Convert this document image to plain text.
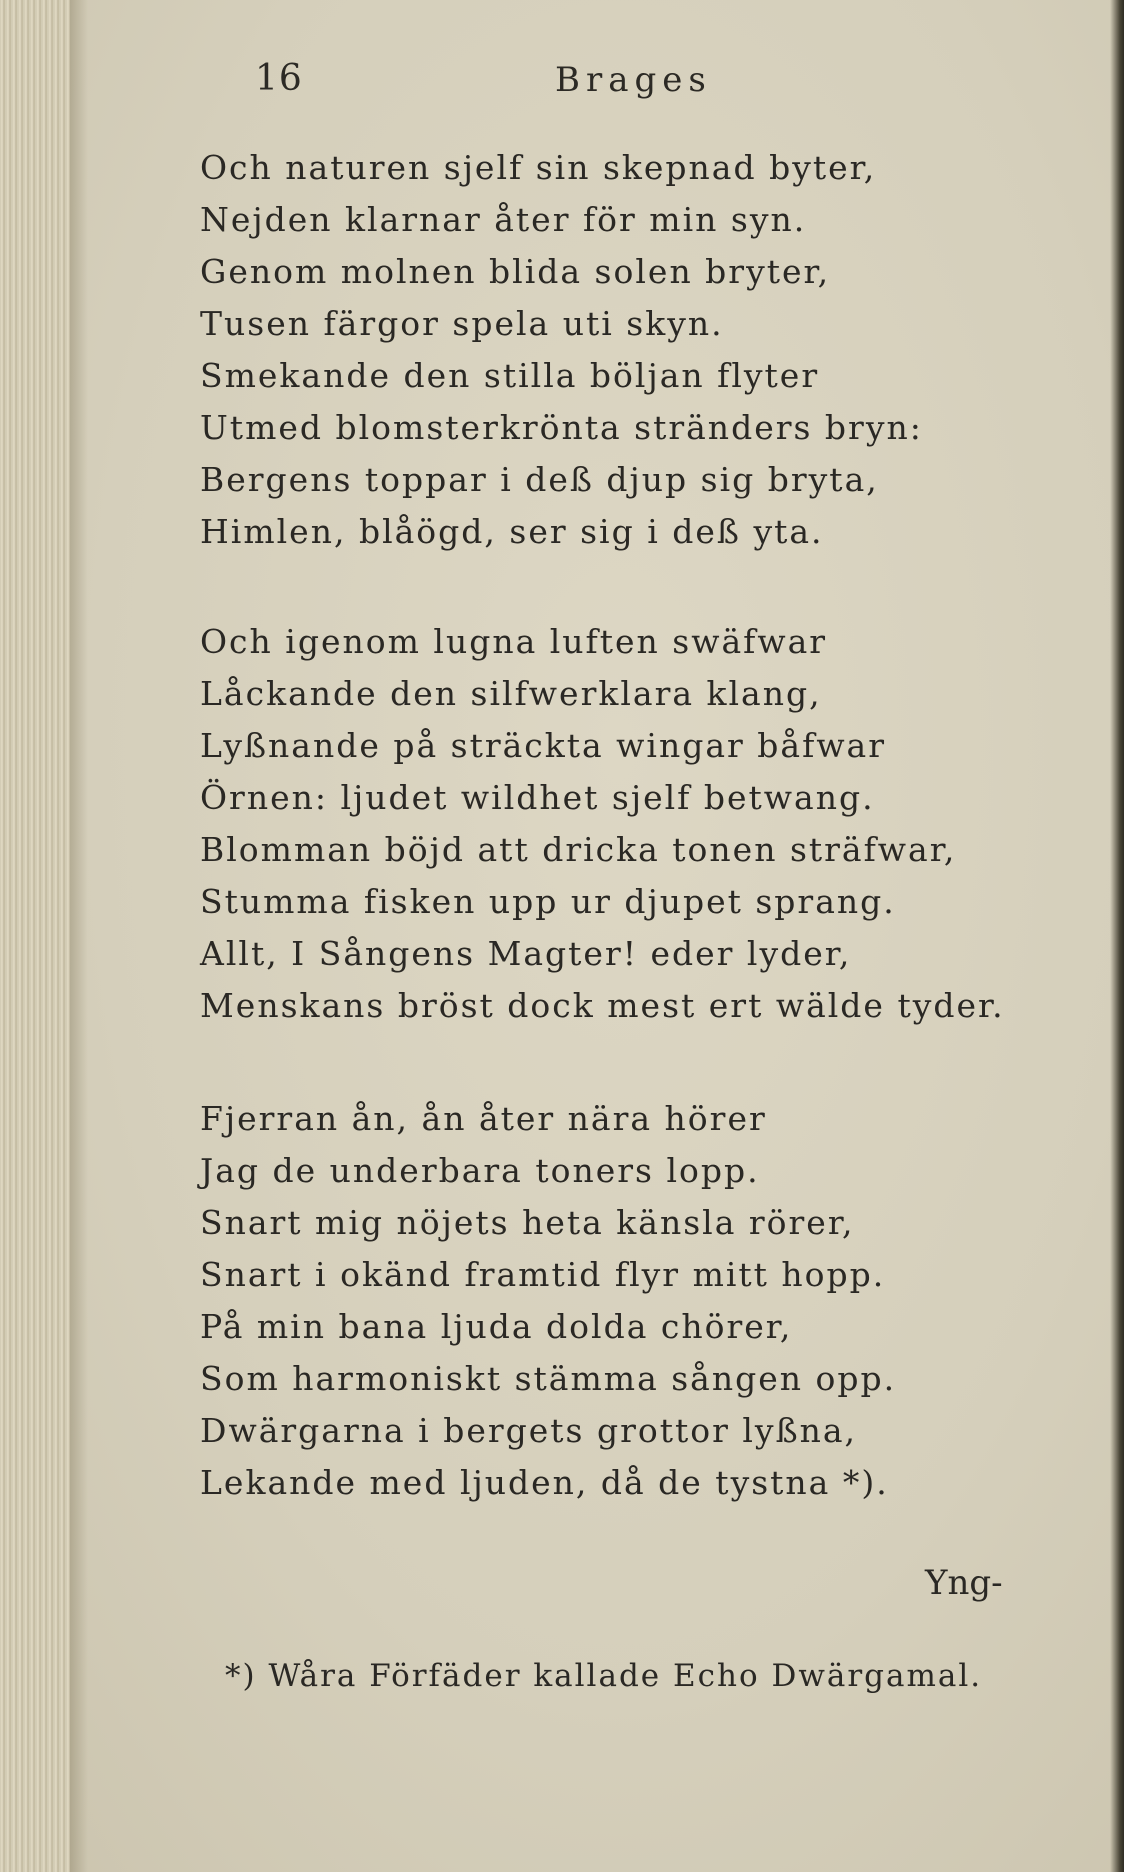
16	Brages
Och naturen sjelf sin skepnad byter,
Nejden klarnar åter för min syn.
Genom molnen blida solen bryter,
Tusen färgor spela uti skyn.
Smekande den stilla böljan flyter
Utmed blomsterkrönta stränders bryn:
Bergens toppar i deß djup sig bryta,
Himlen, blåögd, ser sig i deß yta.
Och igenom lugna luften swäfwar
Låckande den silfwerklara klang,
Lyßnande på sträckta wingar båfwar
Örnen: ljudet wildhet sjelf betwang.
Blomman böjd att dricka tonen sträfwar,
Stumma fisken upp ur djupet sprang.
Allt, I Sångens Magter! eder lyder,
Menskans bröst dock mest ert wälde tyder.
Fjerran ån, ån åter nära hörer
Jag de underbara toners lopp.
Snart mig nöjets heta känsla rörer,
Snart i okänd framtid flyr mitt hopp.
På min bana ljuda dolda chörer,
Som harmoniskt stämma sången opp.
Dwärgarna i bergets grottor lyßna,
Lekande med ljuden, då de tystna *).
Yng-
*) Wåra Förfäder kallade Echo Dwärgamal.
